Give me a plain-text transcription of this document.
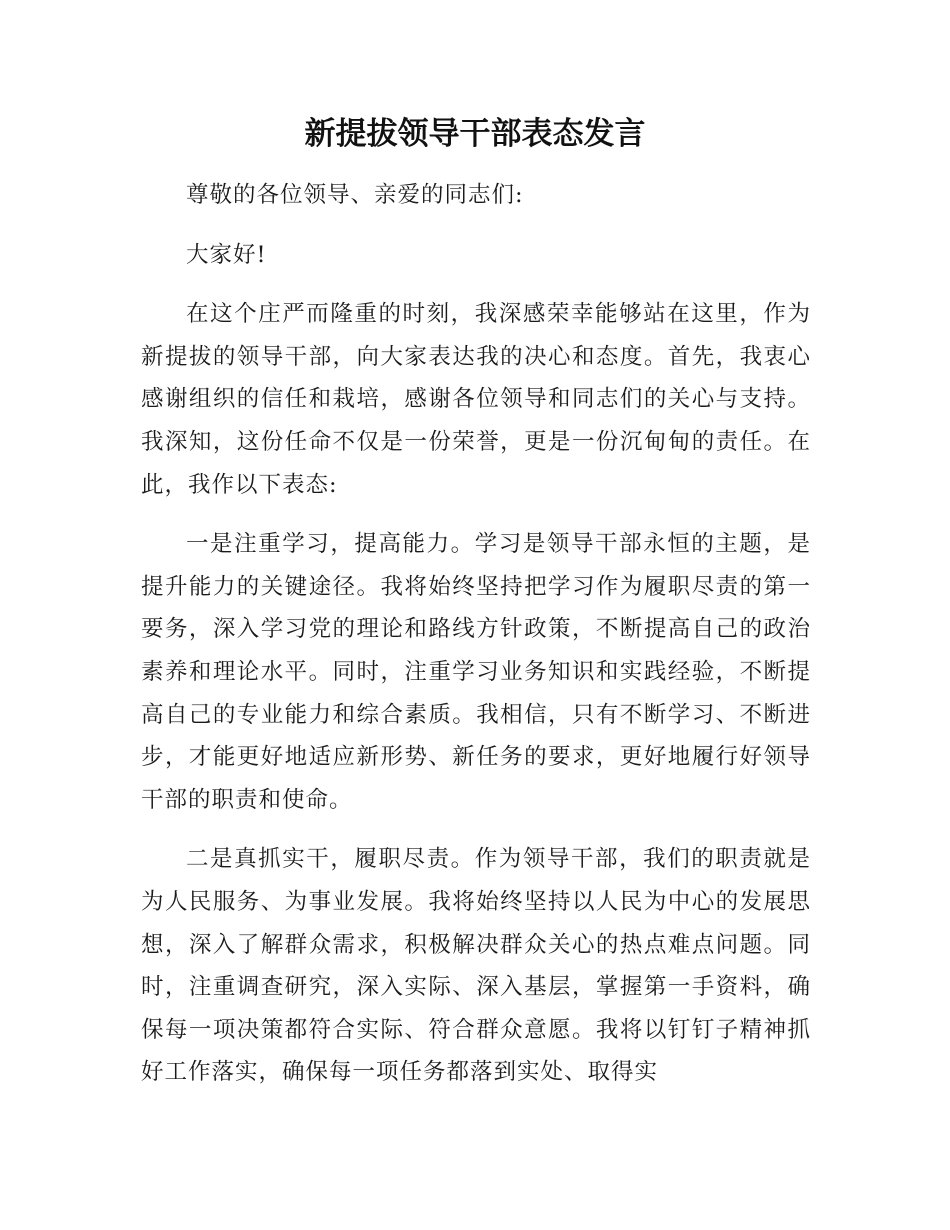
新提拔领导干部表态发言

尊敬的各位领导、亲爱的同志们:

大家好!

在这个庄严而隆重的时刻，我深感荣幸能够站在这里，作为新提拔的领导干部，向大家表达我的决心和态度。首先，我衷心感谢组织的信任和栽培，感谢各位领导和同志们的关心与支持。我深知，这份任命不仅是一份荣誉，更是一份沉甸甸的责任。在此，我作以下表态:

一是注重学习，提高能力。学习是领导干部永恒的主题，是提升能力的关键途径。我将始终坚持把学习作为履职尽责的第一要务，深入学习党的理论和路线方针政策，不断提高自己的政治素养和理论水平。同时，注重学习业务知识和实践经验，不断提高自己的专业能力和综合素质。我相信，只有不断学习、不断进步，才能更好地适应新形势、新任务的要求，更好地履行好领导干部的职责和使命。

二是真抓实干，履职尽责。作为领导干部，我们的职责就是为人民服务、为事业发展。我将始终坚持以人民为中心的发展思想，深入了解群众需求，积极解决群众关心的热点难点问题。同时，注重调查研究，深入实际、深入基层，掌握第一手资料，确保每一项决策都符合实际、符合群众意愿。我将以钉钉子精神抓好工作落实，确保每一项任务都落到实处、取得实
